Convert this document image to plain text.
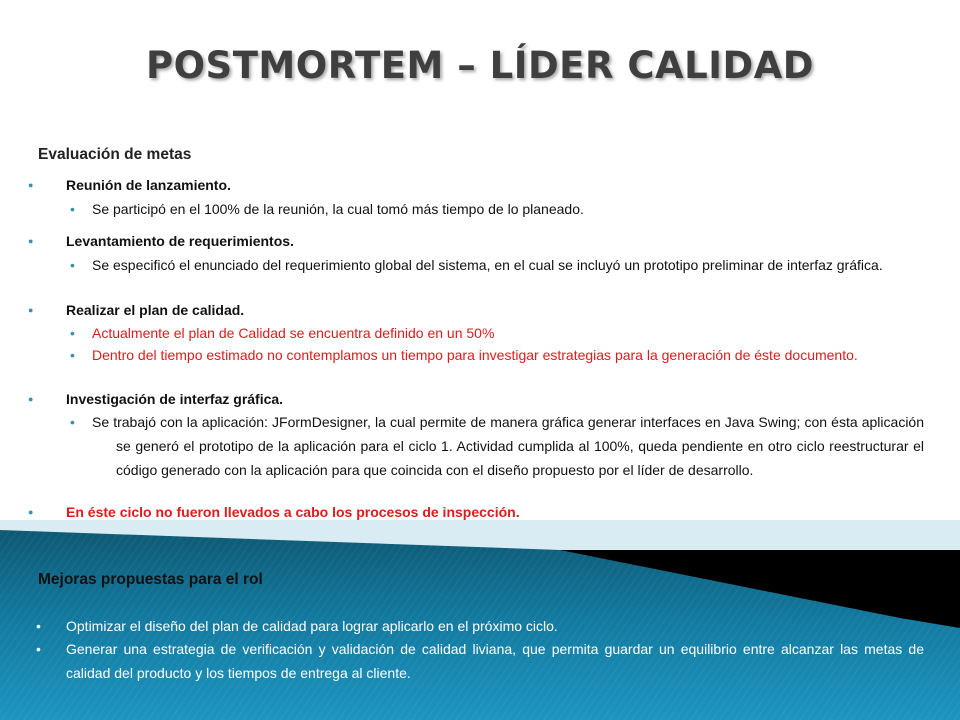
POSTMORTEM – LÍDER CALIDAD
Evaluación de metas
●	Reunión de lanzamiento.
• Se participó en el 100% de la reunión, la cual tomó más tiempo de lo planeado.
●	Levantamiento de requerimientos.
• Se especificó el enunciado del requerimiento global del sistema, en el cual se incluyó un prototipo preliminar de interfaz gráfica.
●	Realizar el plan de calidad.
• Actualmente el plan de Calidad se encuentra definido en un 50%
• Dentro del tiempo estimado no contemplamos un tiempo para investigar estrategias para la generación de éste documento.
●	Investigación de interfaz gráfica.
• Se trabajó con la aplicación: JFormDesigner, la cual permite de manera gráfica generar interfaces en Java Swing; con ésta aplicación se generó el prototipo de la aplicación para el ciclo 1. Actividad cumplida al 100%, queda pendiente en otro ciclo reestructurar el código generado con la aplicación para que coincida con el diseño propuesto por el líder de desarrollo.
●	En éste ciclo no fueron llevados a cabo los procesos de inspección.
Mejoras propuestas para el rol
•	Optimizar el diseño del plan de calidad para lograr aplicarlo en el próximo ciclo.
•	Generar una estrategia de verificación y validación de calidad liviana, que permita guardar un equilibrio entre alcanzar las metas de calidad del producto y los tiempos de entrega al cliente.
